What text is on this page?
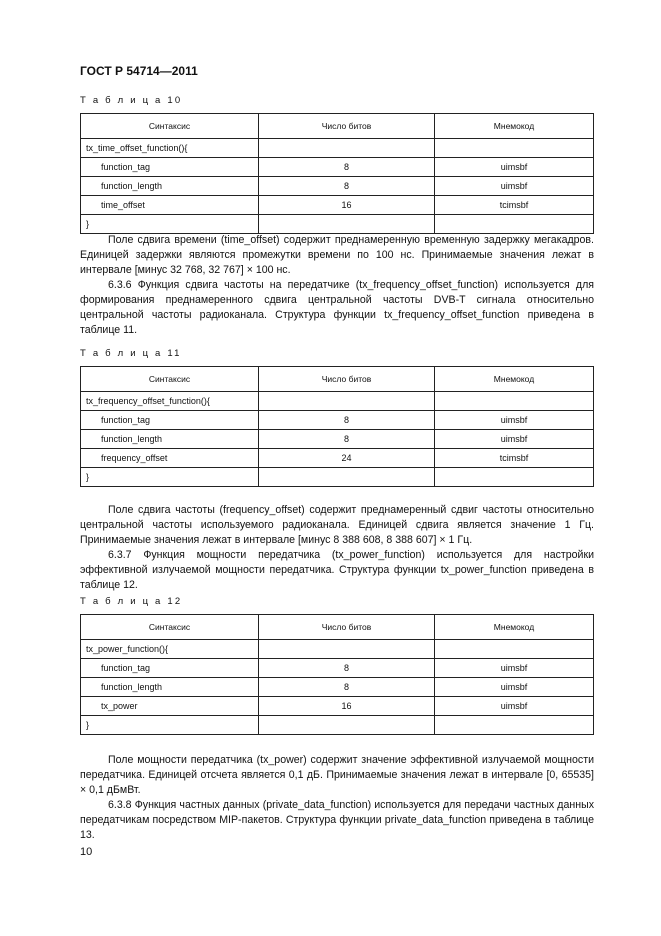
ГОСТ Р 54714—2011
Т а б л и ц а 10
Синтаксис	Число битов	Мнемокод
tx_time_offset_function(){		
function_tag	8	uimsbf
function_length	8	uimsbf
time_offset	16	tcimsbf
}		
Поле сдвига времени (time_offset) содержит преднамеренную временную задержку мегакадров. Единицей задержки являются промежутки времени по 100 нс. Принимаемые значения лежат в интервале [минус 32 768, 32 767] × 100 нс.
6.3.6 Функция сдвига частоты на передатчике (tx_frequency_offset_function) используется для формирования преднамеренного сдвига центральной частоты DVB-T сигнала относительно центральной частоты радиоканала. Структура функции tx_frequency_offset_function приведена в таблице 11.
Т а б л и ц а 11
Синтаксис	Число битов	Мнемокод
tx_frequency_offset_function(){		
function_tag	8	uimsbf
function_length	8	uimsbf
frequency_offset	24	tcimsbf
}		
Поле сдвига частоты (frequency_offset) содержит преднамеренный сдвиг частоты относительно центральной частоты используемого радиоканала. Единицей сдвига является значение 1 Гц. Принимаемые значения лежат в интервале [минус 8 388 608, 8 388 607] × 1 Гц.
6.3.7 Функция мощности передатчика (tx_power_function) используется для настройки эффективной излучаемой мощности передатчика. Структура функции tx_power_function приведена в таблице 12.
Т а б л и ц а 12
Синтаксис	Число битов	Мнемокод
tx_power_function(){		
function_tag	8	uimsbf
function_length	8	uimsbf
tx_power	16	uimsbf
}		
Поле мощности передатчика (tx_power) содержит значение эффективной излучаемой мощности передатчика. Единицей отсчета является 0,1 дБ. Принимаемые значения лежат в интервале [0, 65535] × 0,1 дБмВт.
6.3.8 Функция частных данных (private_data_function) используется для передачи частных данных передатчикам посредством MIP-пакетов. Структура функции private_data_function приведена в таблице 13.
10
